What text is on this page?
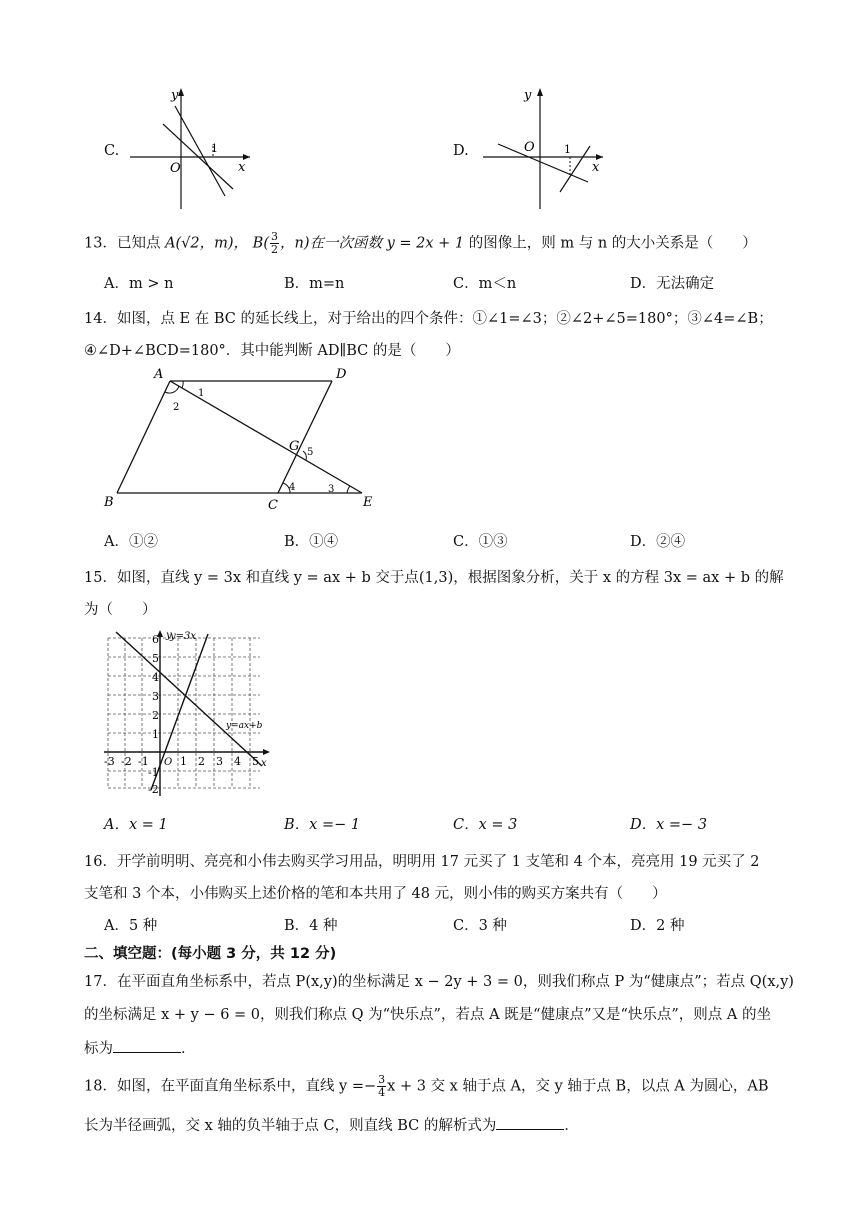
C.
y
x
O
1	D.
y
x
O	1
13．已知点 A(√2，m)， $B( \frac{3}{2}$ ，n)在一次函数 y = 2x + 1 的图像上，则 m 与 n 的大小关系是（　　）
A．m > n	B．m=n	C．m＜n	D．无法确定
14．如图，点 E 在 BC 的延长线上，对于给出的四个条件：①∠1=∠3；②∠2+∠5=180°；③∠4=∠B；
④∠D+∠BCD=180°．其中能判断 AD∥BC 的是（　　）
A	D
B	C	E
G
1
2
3
4
5
A．①②	B．①④	C．①③	D．②④
15．如图，直线 y = 3x 和直线 y = ax + b 交于点(1,3)，根据图象分析，关于 x 的方程 3x = ax + b 的解
为（　　）
y=3x
y=ax+b
y
x
O
-3 -2 -1	1 2 3 4 5
6
5
4
3
2
1
-1
-2
A．x = 1	B．x =− 1	C．x = 3	D．x =− 3
16．开学前明明、亮亮和小伟去购买学习用品，明明用 17 元买了 1 支笔和 4 个本，亮亮用 19 元买了 2
支笔和 3 个本，小伟购买上述价格的笔和本共用了 48 元，则小伟的购买方案共有（　　）
A．5 种	B．4 种	C．3 种	D．2 种
二、填空题：(每小题 3 分，共 12 分)
17．在平面直角坐标系中，若点 P(x,y)的坐标满足 x − 2y + 3 = 0，则我们称点 P 为“健康点”；若点 Q(x,y)
的坐标满足 x + y − 6 = 0，则我们称点 Q 为“快乐点”，若点 A 既是“健康点”又是“快乐点”，则点 A 的坐
标为	．
18．如图，在平面直角坐标系中，直线 $y =- \frac{3}{4}$ x + 3 交 x 轴于点 A，交 y 轴于点 B，以点 A 为圆心，AB
长为半径画弧，交 x 轴的负半轴于点 C，则直线 BC 的解析式为	．
